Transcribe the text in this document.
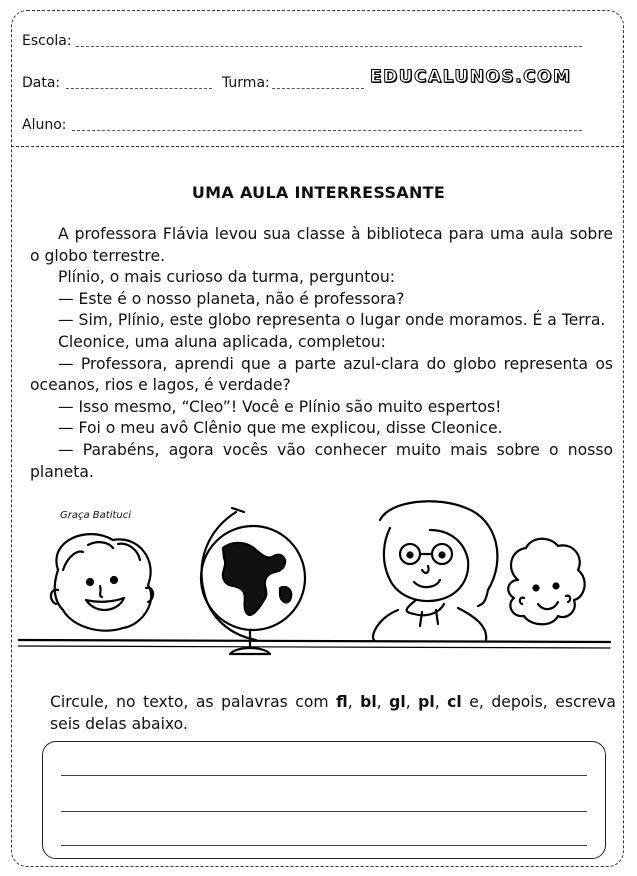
Escola:
Data:	Turma:	EDUCALUNOS.COM
Aluno:
UMA AULA INTERRESSANTE

A professora Flávia levou sua classe à biblioteca para uma aula sobre o globo terrestre.

Plínio, o mais curioso da turma, perguntou:

— Este é o nosso planeta, não é professora?

— Sim, Plínio, este globo representa o lugar onde moramos. É a Terra.

Cleonice, uma aluna aplicada, completou:

— Professora, aprendi que a parte azul-clara do globo representa os oceanos, rios e lagos, é verdade?

— Isso mesmo, “Cleo”! Você e Plínio são muito espertos!

— Foi o meu avô Clênio que me explicou, disse Cleonice.

— Parabéns, agora vocês vão conhecer muito mais sobre o nosso planeta.

Graça Batituci
Circule, no texto, as palavras com fl, bl, gl, pl, cl e, depois, escreva seis delas abaixo.
